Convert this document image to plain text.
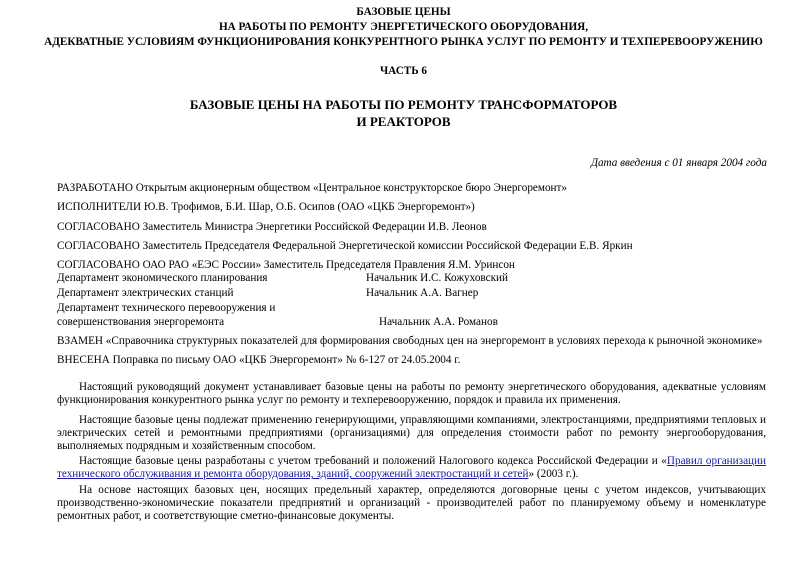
БАЗОВЫЕ ЦЕНЫ
НА РАБОТЫ ПО РЕМОНТУ ЭНЕРГЕТИЧЕСКОГО ОБОРУДОВАНИЯ,
АДЕКВАТНЫЕ УСЛОВИЯМ ФУНКЦИОНИРОВАНИЯ КОНКУРЕНТНОГО РЫНКА УСЛУГ ПО РЕМОНТУ И ТЕХПЕРЕВООРУЖЕНИЮ
ЧАСТЬ 6
БАЗОВЫЕ ЦЕНЫ НА РАБОТЫ ПО РЕМОНТУ ТРАНСФОРМАТОРОВ
И РЕАКТОРОВ
Дата введения с 01 января 2004 года
РАЗРАБОТАНО Открытым акционерным обществом «Центральное конструкторское бюро Энергоремонт»
ИСПОЛНИТЕЛИ Ю.В. Трофимов, Б.И. Шар, О.Б. Осипов (ОАО «ЦКБ Энергоремонт»)
СОГЛАСОВАНО Заместитель Министра Энергетики Российской Федерации И.В. Леонов
СОГЛАСОВАНО Заместитель Председателя Федеральной Энергетической комиссии Российской Федерации Е.В. Яркин
СОГЛАСОВАНО ОАО РАО «ЕЭС России» Заместитель Председателя Правления Я.М. Уринсон
Департамент экономического планирования	Начальник И.С. Кожуховский
Департамент электрических станций	Начальник А.А. Вагнер
Департамент технического перевооружения и
совершенствования энергоремонта	Начальник А.А. Романов
ВЗАМЕН «Справочника структурных показателей для формирования свободных цен на энергоремонт в условиях перехода к рыночной экономике»
ВНЕСЕНА Поправка по письму ОАО «ЦКБ Энергоремонт» № 6-127 от 24.05.2004 г.

Настоящий руководящий документ устанавливает базовые цены на работы по ремонту энергетического оборудования, адекватные условиям функционирования конкурентного рынка услуг по ремонту и техперевооружению, порядок и правила их применения.

Настоящие базовые цены подлежат применению генерирующими, управляющими компаниями, электростанциями, предприятиями тепловых и электрических сетей и ремонтными предприятиями (организациями) для определения стоимости работ по ремонту энергооборудования, выполняемых подрядным и хозяйственным способом.

Настоящие базовые цены разработаны с учетом требований и положений Налогового кодекса Российской Федерации и «Правил организации технического обслуживания и ремонта оборудования, зданий, сооружений электростанций и сетей» (2003 г.).

На основе настоящих базовых цен, носящих предельный характер, определяются договорные цены с учетом индексов, учитывающих производственно-экономические показатели предприятий и организаций - производителей работ по планируемому объему и номенклатуре ремонтных работ, и соответствующие сметно-финансовые документы.
